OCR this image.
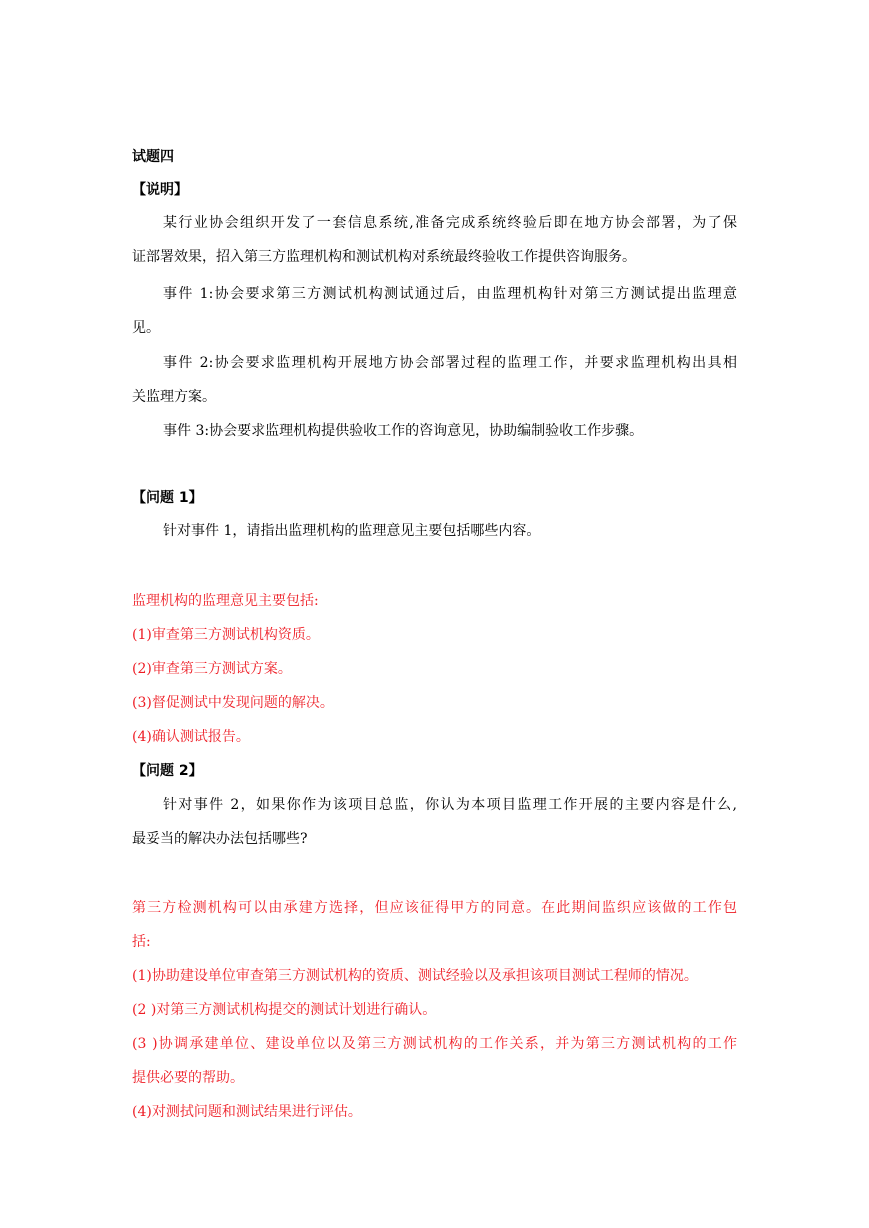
试题四
【说明】
某行业协会组织开发了一套信息系统,准备完成系统终验后即在地方协会部署，为了保
证部署效果，招入第三方监理机构和测试机构对系统最终验收工作提供咨询服务。
事件 1:协会要求第三方测试机构测试通过后，由监理机构针对第三方测试提出监理意
见。
事件 2:协会要求监理机构开展地方协会部署过程的监理工作，并要求监理机构出具相
关监理方案。
事件 3:协会要求监理机构提供验收工作的咨询意见，协助编制验收工作步骤。
【问题 1】
针对事件 1，请指出监理机构的监理意见主要包括哪些内容。
监理机构的监理意见主要包括:
(1)审查第三方测试机构资质。
(2)审查第三方测试方案。
(3)督促测试中发现问题的解决。
(4)确认测试报告。
【问题 2】
针对事件 2，如果你作为该项目总监，你认为本项目监理工作开展的主要内容是什么,
最妥当的解决办法包括哪些?
第三方检测机构可以由承建方选择，但应该征得甲方的同意。在此期间监织应该做的工作包
括:
(1)协助建设单位审查第三方测试机构的资质、测试经验以及承担该项目测试工程师的情况。
(2 )对第三方测试机构提交的测试计划进行确认。
(3 )协调承建单位、建设单位以及第三方测试机构的工作关系，并为第三方测试机构的工作
提供必要的帮助。
(4)对测拭问题和测试结果进行评估。
